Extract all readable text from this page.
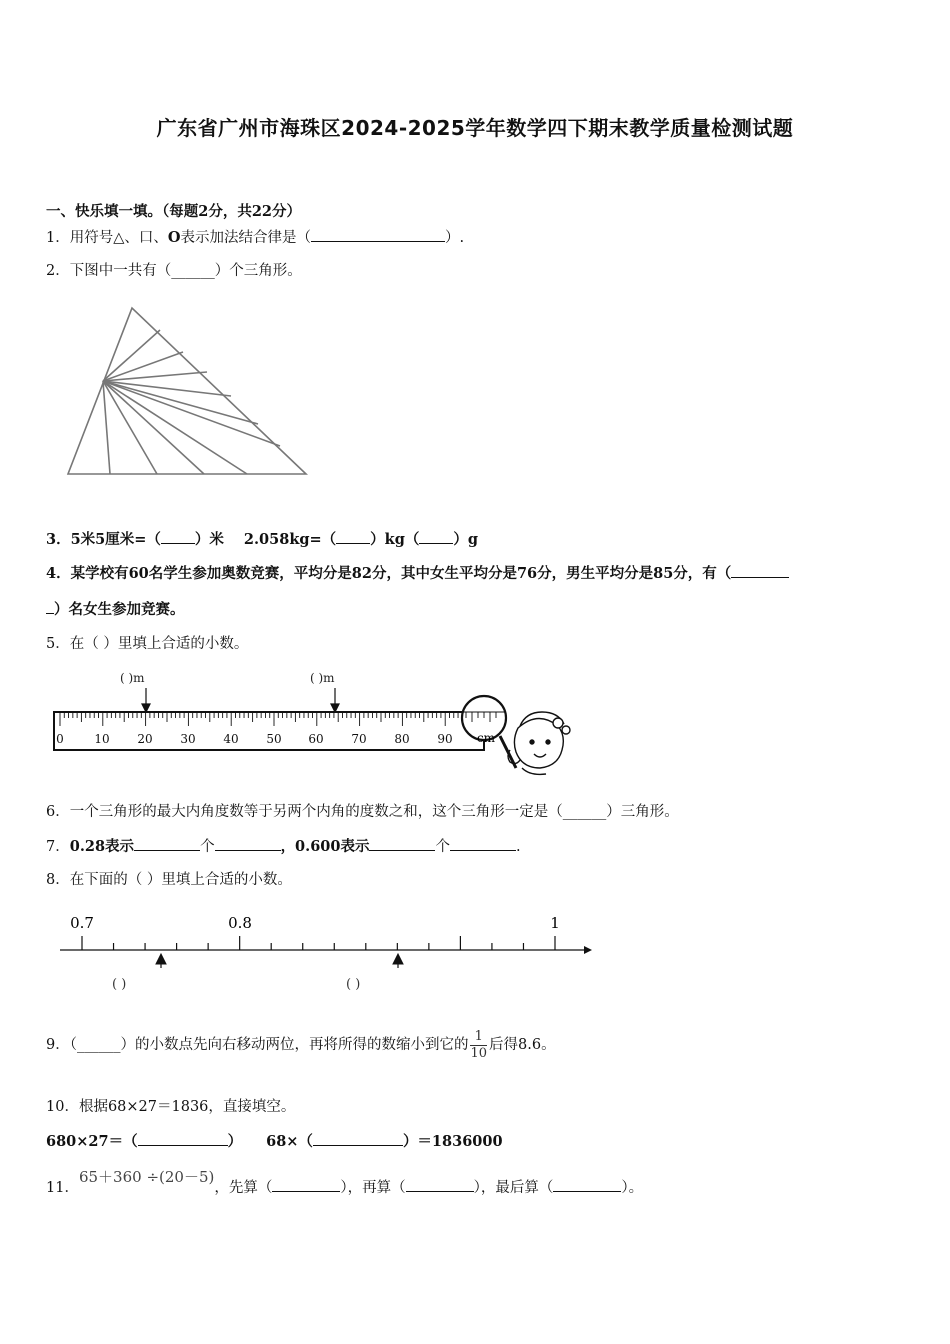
广东省广州市海珠区2024-2025学年数学四下期末教学质量检测试题
一、快乐填一填。（每题2分，共22分）
1．用符号△、口、O表示加法结合律是（	）.
2．下图中一共有（______）个三角形。
3．5米5厘米=（ ）米 2.058kg=（ ）kg（ ）g
4．某学校有60名学生参加奥数竞赛，平均分是82分，其中女生平均分是76分，男生平均分是85分，有（
）名女生参加竞赛。
5．在（ ）里填上合适的小数。
( )m	( )m
0	10 20 30 40 50 60 70 80 90 cm
6．一个三角形的最大内角度数等于另两个内角的度数之和，这个三角形一定是（______）三角形。
7．0.28表示	个	，0.600表示	个	.
8．在下面的（ ）里填上合适的小数。
0.7	0.8	1
( )	( )
9．（______）的小数点先向右移动两位，再将所得的数缩小到它的 $\frac{1}{10}$ 后得8.6。
10．根据68×27＝1836，直接填空。
680×27＝（	） 68×（	）＝1836000
11．65＋360 ÷(20－5)，先算（	），再算（	），最后算（	）。
